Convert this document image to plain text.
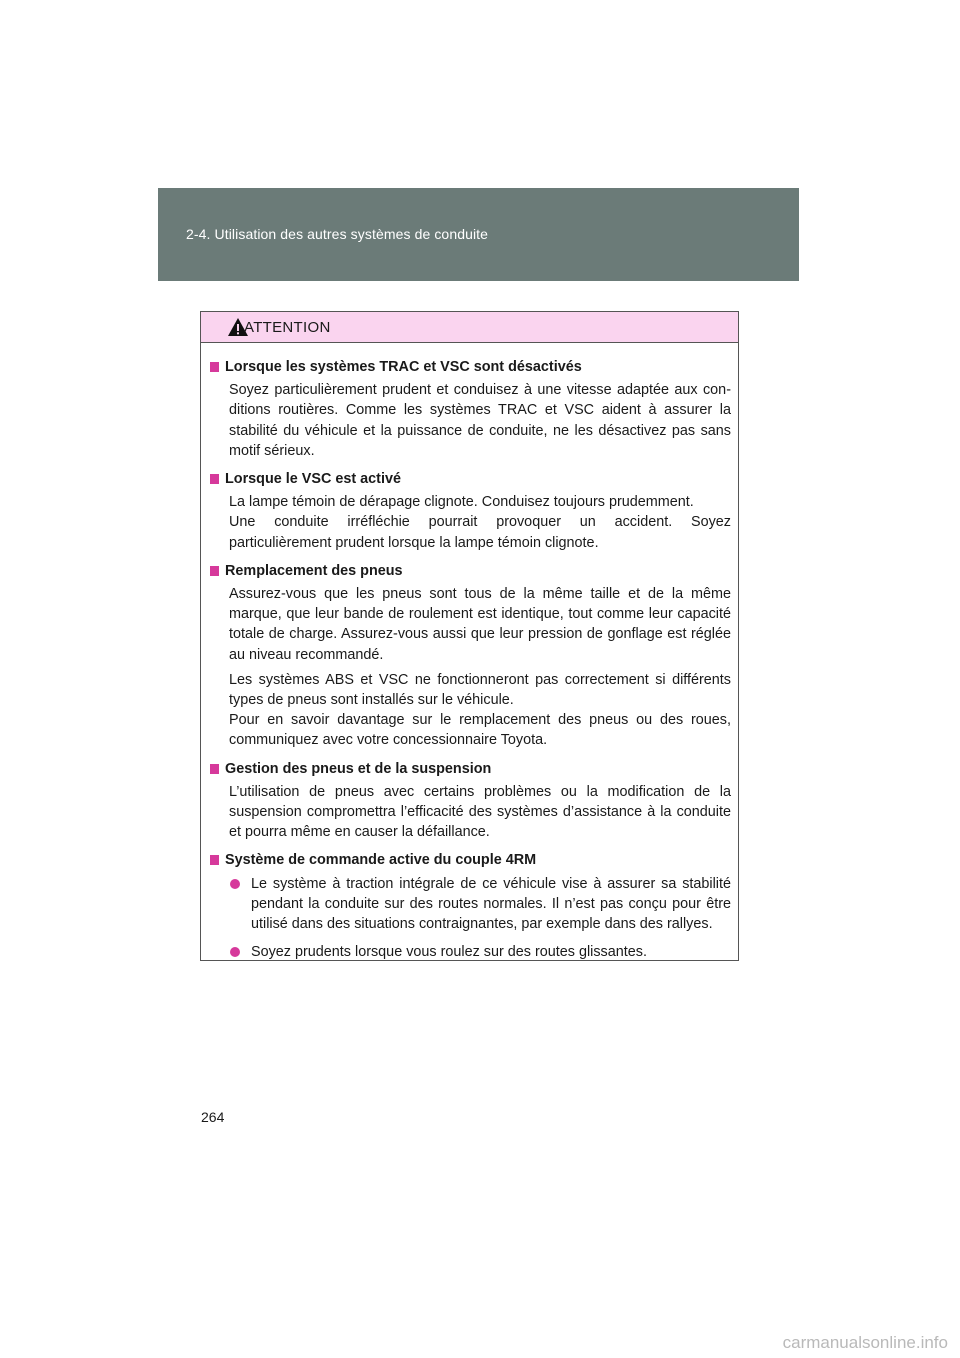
2-4. Utilisation des autres systèmes de conduite
ATTENTION
Lorsque les systèmes TRAC et VSC sont désactivés
Soyez particulièrement prudent et conduisez à une vitesse adaptée aux conditions routières. Comme les systèmes TRAC et VSC aident à assurer la stabilité du véhicule et la puissance de conduite, ne les désactivez pas sans motif sérieux.
Lorsque le VSC est activé
La lampe témoin de dérapage clignote. Conduisez toujours prudemment.
Une conduite irréfléchie pourrait provoquer un accident. Soyez particulièrement prudent lorsque la lampe témoin clignote.
Remplacement des pneus
Assurez-vous que les pneus sont tous de la même taille et de la même marque, que leur bande de roulement est identique, tout comme leur capacité totale de charge. Assurez-vous aussi que leur pression de gonflage est réglée au niveau recommandé.
Les systèmes ABS et VSC ne fonctionneront pas correctement si différents types de pneus sont installés sur le véhicule.
Pour en savoir davantage sur le remplacement des pneus ou des roues, communiquez avec votre concessionnaire Toyota.
Gestion des pneus et de la suspension
L’utilisation de pneus avec certains problèmes ou la modification de la suspension compromettra l’efficacité des systèmes d’assistance à la conduite et pourra même en causer la défaillance.
Système de commande active du couple 4RM
Le système à traction intégrale de ce véhicule vise à assurer sa stabilité pendant la conduite sur des routes normales. Il n’est pas conçu pour être utilisé dans des situations contraignantes, par exemple dans des rallyes.
Soyez prudents lorsque vous roulez sur des routes glissantes.
264
carmanualsonline.info
